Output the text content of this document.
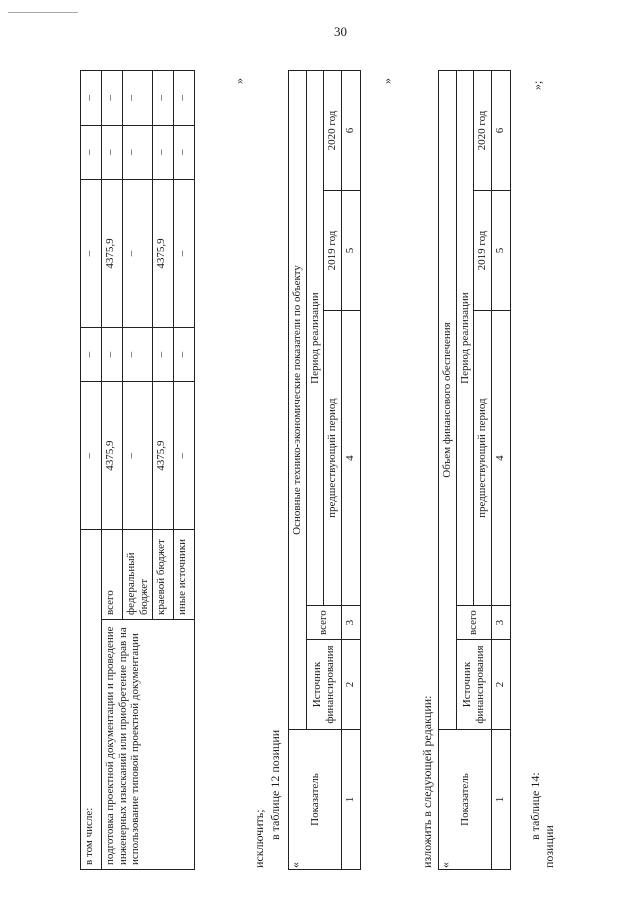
30
в том числе:		–	–	–	–	–
подготовка проектной документации и проведение инженерных изысканий или приобретение прав на использование типовой проектной документации	всего	4375,9	–	4375,9	–	–
	федеральный бюджет	–	–	–	–	–
	краевой бюджет	4375,9	–	4375,9	–	–
	иные источники	–	–	–	–	–
»
исключить; в таблице 12 позиции
«
Показатель	Основные технико-экономические показатели по объекту				
	Источник финансирования	всего	Период реализации		
			предшествующий период	2019 год	2020 год
1	2	3	4	5	6
»
изложить в следующей редакции: «
Показатель	Объем финансового обеспечения				
	Источник финансирования	всего	Период реализации		
			предшествующий период	2019 год	2020 год
1	2	3	4	5	6
»;
в таблице 14:
позиции
